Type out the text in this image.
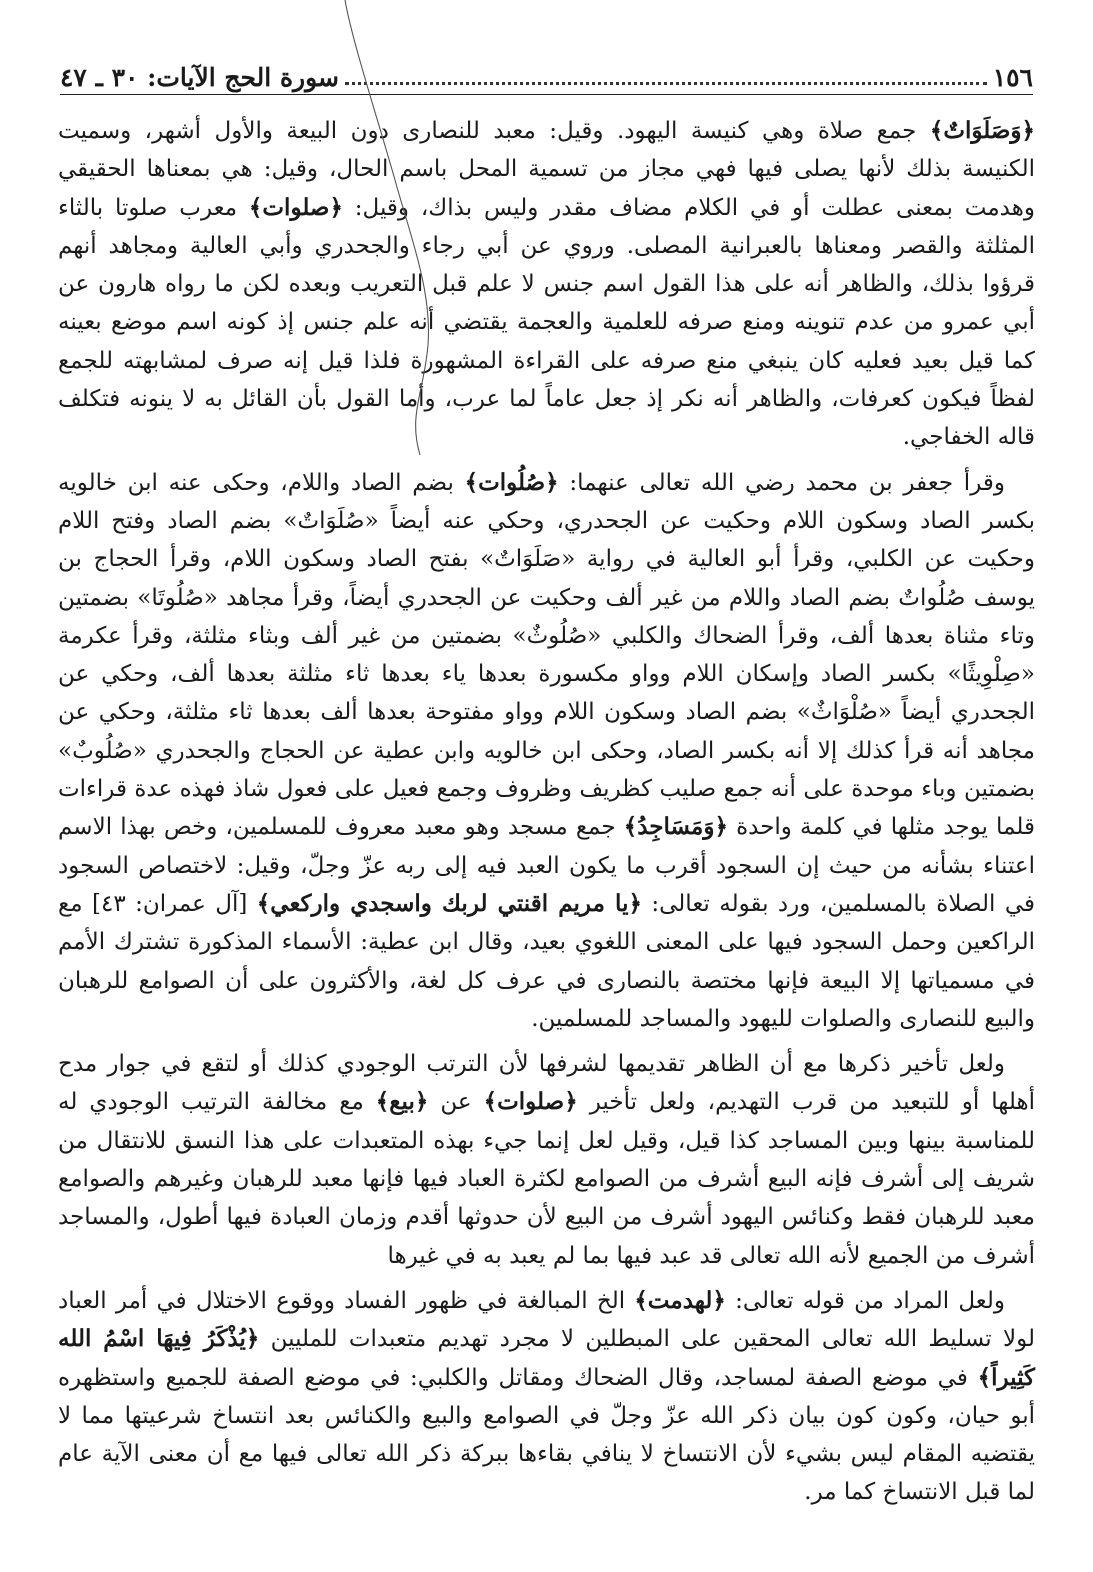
١٥٦
سورة الحج الآيات: ٣٠ ـ ٤٧

﴿وَصَلَوَاتٌ﴾ جمع صلاة وهي كنيسة اليهود. وقيل: معبد للنصارى دون البيعة والأول أشهر، وسميت الكنيسة بذلك لأنها يصلى فيها فهي مجاز من تسمية المحل باسم الحال، وقيل: هي بمعناها الحقيقي وهدمت بمعنى عطلت أو في الكلام مضاف مقدر وليس بذاك، وقيل: ﴿صلوات﴾ معرب صلوتا بالثاء المثلثة والقصر ومعناها بالعبرانية المصلى. وروي عن أبي رجاء والجحدري وأبي العالية ومجاهد أنهم قرؤوا بذلك، والظاهر أنه على هذا القول اسم جنس لا علم قبل التعريب وبعده لكن ما رواه هارون عن أبي عمرو من عدم تنوينه ومنع صرفه للعلمية والعجمة يقتضي أنه علم جنس إذ كونه اسم موضع بعينه كما قيل بعيد فعليه كان ينبغي منع صرفه على القراءة المشهورة فلذا قيل إنه صرف لمشابهته للجمع لفظاً فيكون كعرفات، والظاهر أنه نكر إذ جعل عاماً لما عرب، وأما القول بأن القائل به لا ينونه فتكلف قاله الخفاجي.

وقرأ جعفر بن محمد رضي الله تعالى عنهما: ﴿صُلُوات﴾ بضم الصاد واللام، وحكى عنه ابن خالويه بكسر الصاد وسكون اللام وحكيت عن الجحدري، وحكي عنه أيضاً «صُلَوَاتٌ» بضم الصاد وفتح اللام وحكيت عن الكلبي، وقرأ أبو العالية في رواية «صَلَوَاتٌ» بفتح الصاد وسكون اللام، وقرأ الحجاج بن يوسف صُلُواتٌ بضم الصاد واللام من غير ألف وحكيت عن الجحدري أيضاً، وقرأ مجاهد «صُلُوتَا» بضمتين وتاء مثناة بعدها ألف، وقرأ الضحاك والكلبي «صُلُوثٌ» بضمتين من غير ألف وبثاء مثلثة، وقرأ عكرمة «صِلْوِيثًا» بكسر الصاد وإسكان اللام وواو مكسورة بعدها ياء بعدها ثاء مثلثة بعدها ألف، وحكي عن الجحدري أيضاً «صُلْوَاثٌ» بضم الصاد وسكون اللام وواو مفتوحة بعدها ألف بعدها ثاء مثلثة، وحكي عن مجاهد أنه قرأ كذلك إلا أنه بكسر الصاد، وحكى ابن خالويه وابن عطية عن الحجاج والجحدري «صُلُوبٌ» بضمتين وباء موحدة على أنه جمع صليب كظريف وظروف وجمع فعيل على فعول شاذ فهذه عدة قراءات قلما يوجد مثلها في كلمة واحدة ﴿وَمَسَاجِدُ﴾ جمع مسجد وهو معبد معروف للمسلمين، وخص بهذا الاسم اعتناء بشأنه من حيث إن السجود أقرب ما يكون العبد فيه إلى ربه عزّ وجلّ، وقيل: لاختصاص السجود في الصلاة بالمسلمين، ورد بقوله تعالى: ﴿يا مريم اقنتي لربك واسجدي واركعي﴾ [آل عمران: ٤٣] مع الراكعين وحمل السجود فيها على المعنى اللغوي بعيد، وقال ابن عطية: الأسماء المذكورة تشترك الأمم في مسمياتها إلا البيعة فإنها مختصة بالنصارى في عرف كل لغة، والأكثرون على أن الصوامع للرهبان والبيع للنصارى والصلوات لليهود والمساجد للمسلمين.

ولعل تأخير ذكرها مع أن الظاهر تقديمها لشرفها لأن الترتب الوجودي كذلك أو لتقع في جوار مدح أهلها أو للتبعيد من قرب التهديم، ولعل تأخير ﴿صلوات﴾ عن ﴿بيع﴾ مع مخالفة الترتيب الوجودي له للمناسبة بينها وبين المساجد كذا قيل، وقيل لعل إنما جيء بهذه المتعبدات على هذا النسق للانتقال من شريف إلى أشرف فإنه البيع أشرف من الصوامع لكثرة العباد فيها فإنها معبد للرهبان وغيرهم والصوامع معبد للرهبان فقط وكنائس اليهود أشرف من البيع لأن حدوثها أقدم وزمان العبادة فيها أطول، والمساجد أشرف من الجميع لأنه الله تعالى قد عبد فيها بما لم يعبد به في غيرها

ولعل المراد من قوله تعالى: ﴿لهدمت﴾ الخ المبالغة في ظهور الفساد ووقوع الاختلال في أمر العباد لولا تسليط الله تعالى المحقين على المبطلين لا مجرد تهديم متعبدات للمليين ﴿يُذْكَرُ فِيهَا اسْمُ الله كَثِيراً﴾ في موضع الصفة لمساجد، وقال الضحاك ومقاتل والكلبي: في موضع الصفة للجميع واستظهره أبو حيان، وكون كون بيان ذكر الله عزّ وجلّ في الصوامع والبيع والكنائس بعد انتساخ شرعيتها مما لا يقتضيه المقام ليس بشيء لأن الانتساخ لا ينافي بقاءها ببركة ذكر الله تعالى فيها مع أن معنى الآية عام لما قبل الانتساخ كما مر.
